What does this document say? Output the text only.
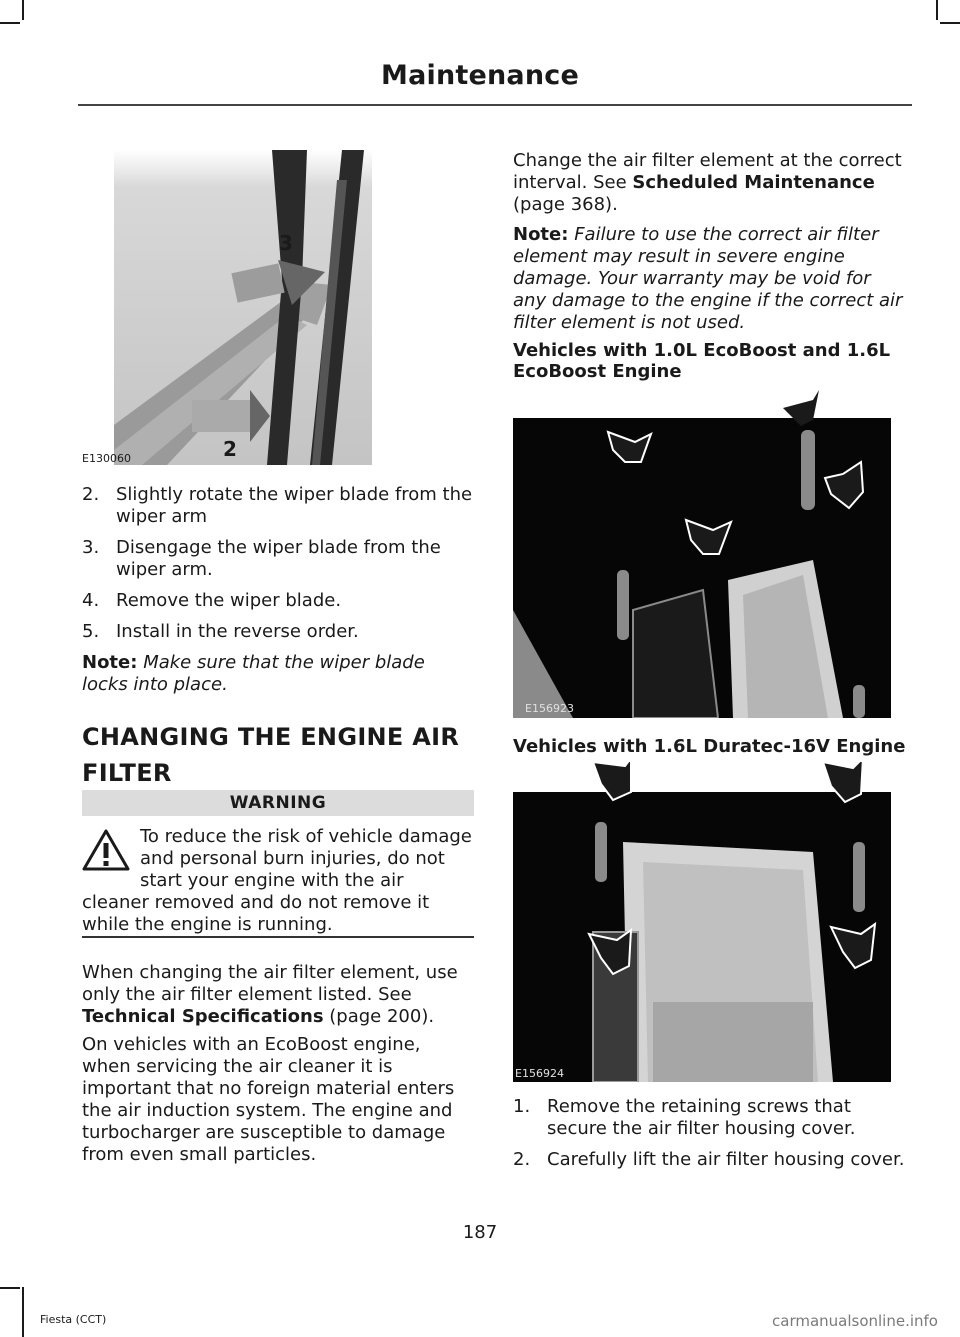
Maintenance
3
2
E130060
2. Slightly rotate the wiper blade from the wiper arm
3. Disengage the wiper blade from the wiper arm.
4. Remove the wiper blade.
5. Install in the reverse order.
Note: Make sure that the wiper blade locks into place.
CHANGING THE ENGINE AIR
FILTER
WARNING
To reduce the risk of vehicle damage and personal burn injuries, do not start your engine with the air cleaner removed and do not remove it while the engine is running.
When changing the air filter element, use only the air filter element listed. See Technical Specifications (page 200).
On vehicles with an EcoBoost engine, when servicing the air cleaner it is important that no foreign material enters the air induction system. The engine and turbocharger are susceptible to damage from even small particles.
Change the air filter element at the correct interval. See Scheduled Maintenance (page 368).
Note: Failure to use the correct air filter element may result in severe engine damage. Your warranty may be void for any damage to the engine if the correct air filter element is not used.
Vehicles with 1.0L EcoBoost and 1.6L EcoBoost Engine
E156923
Vehicles with 1.6L Duratec-16V Engine
E156924
1. Remove the retaining screws that secure the air filter housing cover.
2. Carefully lift the air filter housing cover.
187
Fiesta (CCT)	carmanualsonline.info
